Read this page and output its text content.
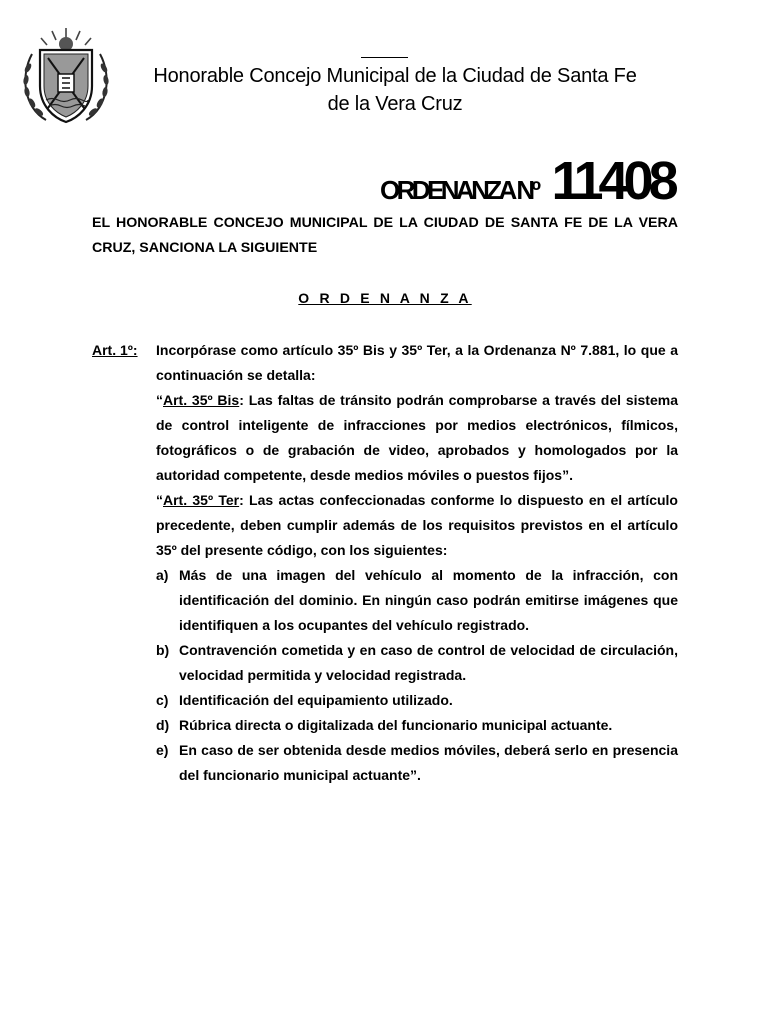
Honorable Concejo Municipal de la Ciudad de Santa Fe
de la Vera Cruz
ORDENANZA Nº 11408
EL HONORABLE CONCEJO MUNICIPAL DE LA CIUDAD DE SANTA FE DE LA VERA CRUZ, SANCIONA LA SIGUIENTE
O R D E N A N Z A
Art. 1º: Incorpórase como artículo 35º Bis y 35º Ter, a la Ordenanza Nº 7.881, lo que a continuación se detalla:
“Art. 35º Bis: Las faltas de tránsito podrán comprobarse a través del sistema de control inteligente de infracciones por medios electrónicos, fílmicos, fotográficos o de grabación de video, aprobados y homologados por la autoridad competente, desde medios móviles o puestos fijos”.
“Art. 35º Ter: Las actas confeccionadas conforme lo dispuesto en el artículo precedente, deben cumplir además de los requisitos previstos en el artículo 35º del presente código, con los siguientes:
a) Más de una imagen del vehículo al momento de la infracción, con identificación del dominio. En ningún caso podrán emitirse imágenes que identifiquen a los ocupantes del vehículo registrado.
b) Contravención cometida y en caso de control de velocidad de circulación, velocidad permitida y velocidad registrada.
c) Identificación del equipamiento utilizado.
d) Rúbrica directa o digitalizada del funcionario municipal actuante.
e) En caso de ser obtenida desde medios móviles, deberá serlo en presencia del funcionario municipal actuante”.
